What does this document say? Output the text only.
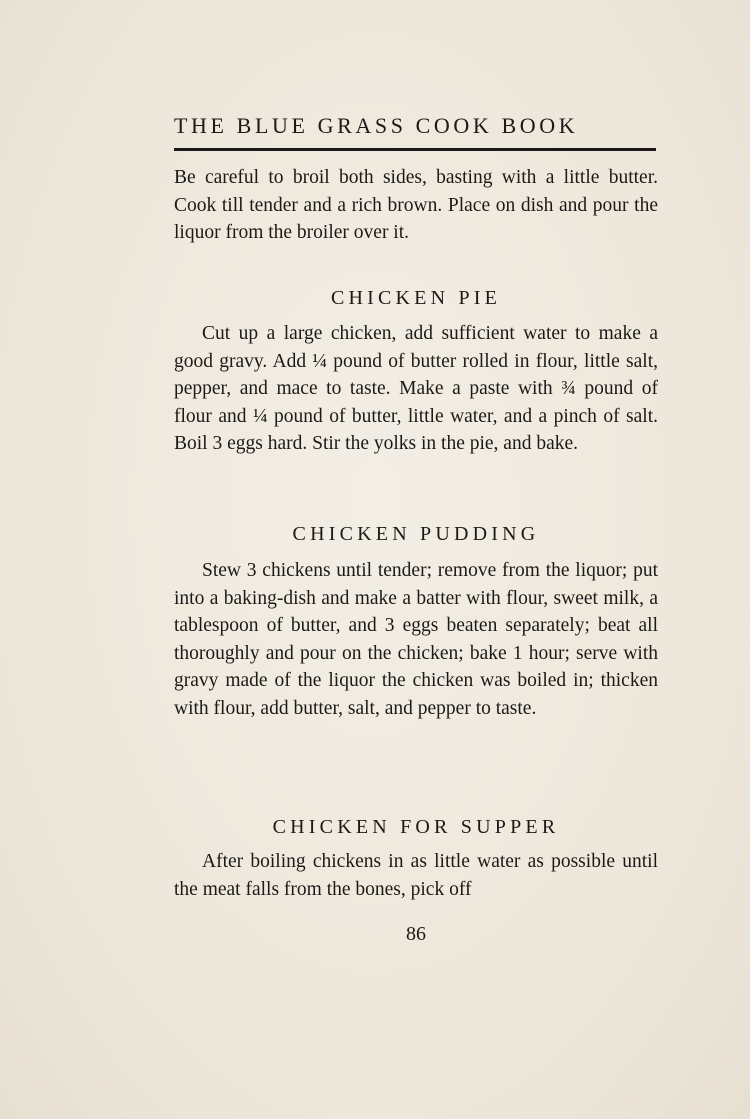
THE BLUE GRASS COOK BOOK

Be careful to broil both sides, basting with a little butter. Cook till tender and a rich brown. Place on dish and pour the liquor from the broiler over it.

CHICKEN PIE

Cut up a large chicken, add sufficient water to make a good gravy. Add ¼ pound of butter rolled in flour, little salt, pepper, and mace to taste. Make a paste with ¾ pound of flour and ¼ pound of butter, little water, and a pinch of salt. Boil 3 eggs hard. Stir the yolks in the pie, and bake.

CHICKEN PUDDING

Stew 3 chickens until tender; remove from the liquor; put into a baking-dish and make a batter with flour, sweet milk, a tablespoon of butter, and 3 eggs beaten separately; beat all thoroughly and pour on the chicken; bake 1 hour; serve with gravy made of the liquor the chicken was boiled in; thicken with flour, add butter, salt, and pepper to taste.

CHICKEN FOR SUPPER

After boiling chickens in as little water as possible until the meat falls from the bones, pick off

86
